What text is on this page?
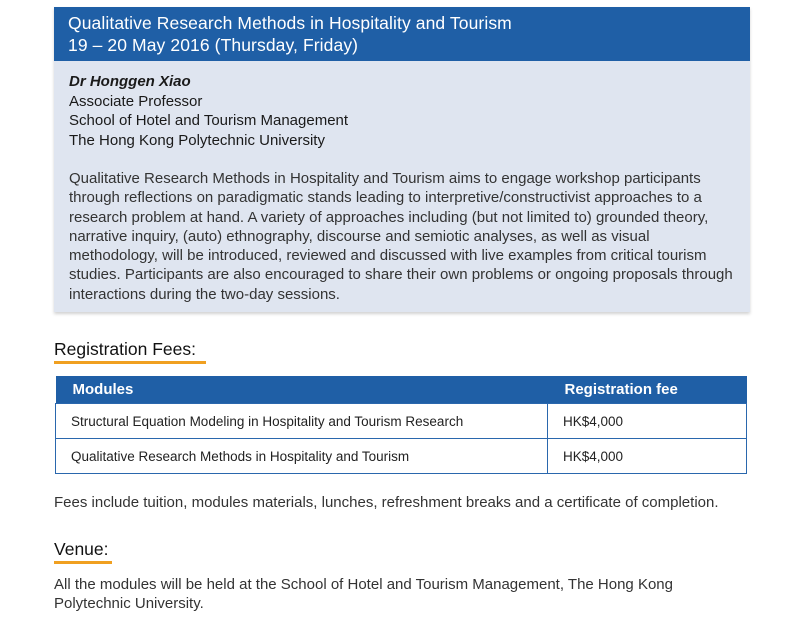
Qualitative Research Methods in Hospitality and Tourism
19 – 20 May 2016 (Thursday, Friday)
Dr Honggen Xiao
Associate Professor
School of Hotel and Tourism Management
The Hong Kong Polytechnic University
Qualitative Research Methods in Hospitality and Tourism aims to engage workshop participants through reflections on paradigmatic stands leading to interpretive/constructivist approaches to a research problem at hand. A variety of approaches including (but not limited to) grounded theory, narrative inquiry, (auto) ethnography, discourse and semiotic analyses, as well as visual methodology, will be introduced, reviewed and discussed with live examples from critical tourism studies. Participants are also encouraged to share their own problems or ongoing proposals through interactions during the two-day sessions.
Registration Fees:
Modules	Registration fee
Structural Equation Modeling in Hospitality and Tourism Research	HK$4,000
Qualitative Research Methods in Hospitality and Tourism	HK$4,000
Fees include tuition, modules materials, lunches, refreshment breaks and a certificate of completion.
Venue:
All the modules will be held at the School of Hotel and Tourism Management, The Hong Kong Polytechnic University.
